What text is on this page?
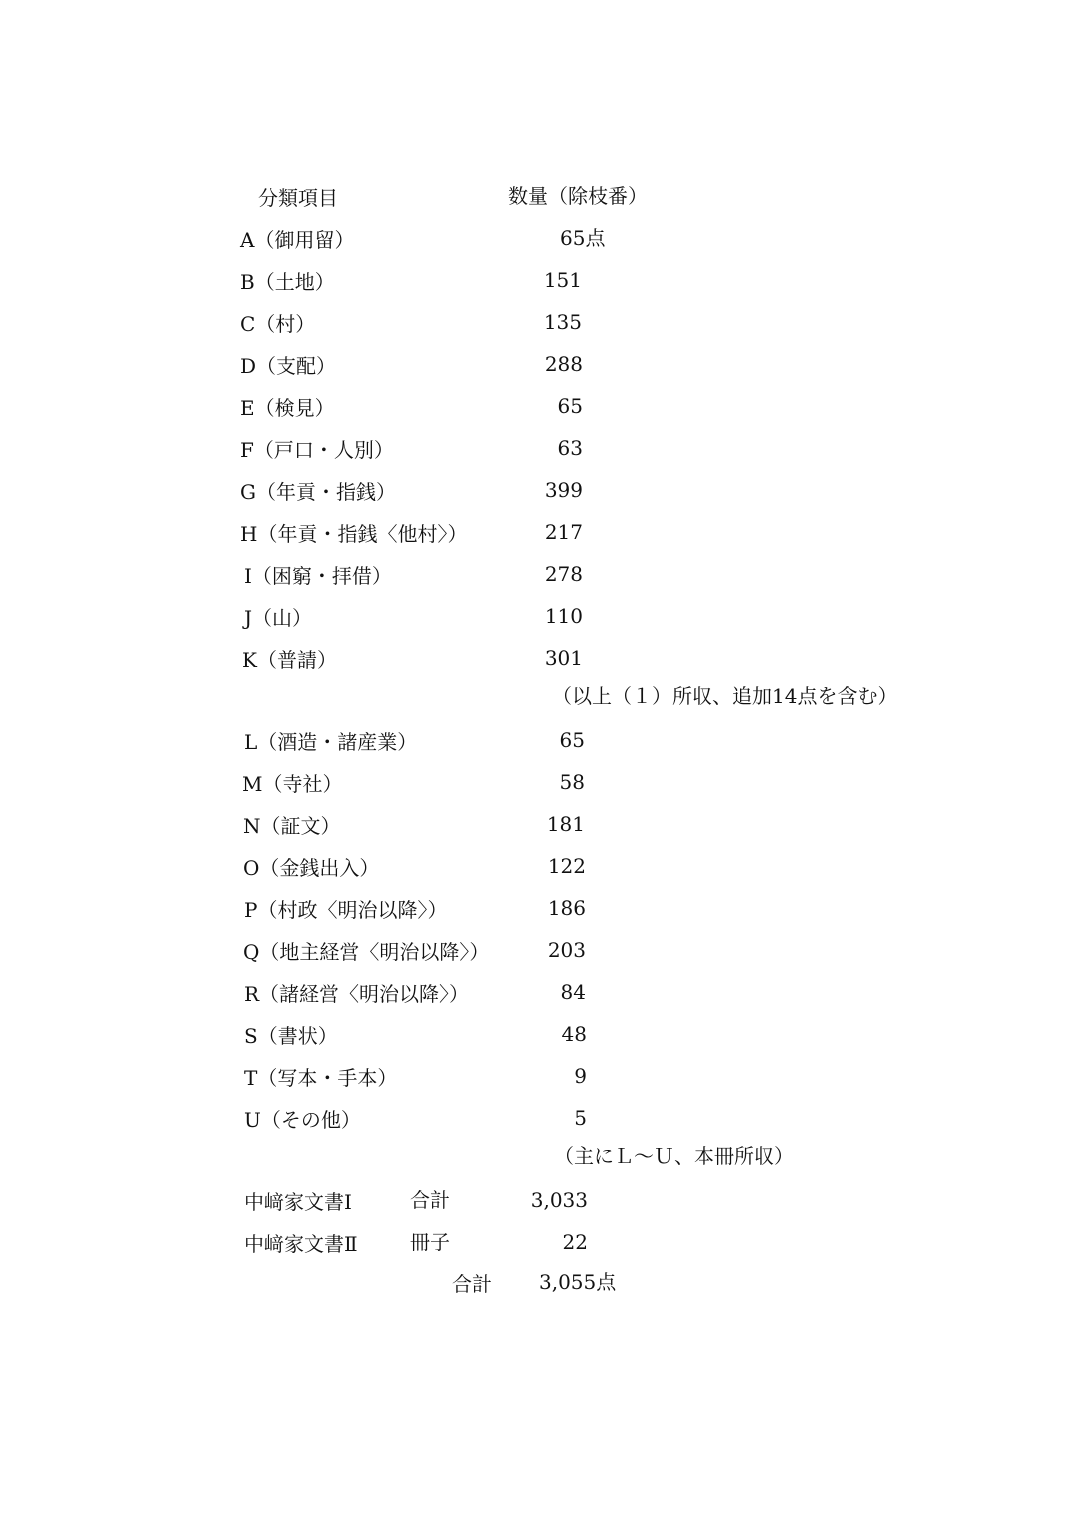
分類項目	数量（除枝番）
A（御用留）	65点
B（土地）	151
C（村）	135
D（支配）	288
E（検見）	65
F（戸口・人別）	63
G（年貢・指銭）	399
H（年貢・指銭〈他村〉）	217
I（困窮・拝借）	278
J（山）	110
K（普請）	301
（以上（１）所収、追加14点を含む）
L（酒造・諸産業）	65
M（寺社）	58
N（証文）	181
O（金銭出入）	122
P（村政〈明治以降〉）	186
Q（地主経営〈明治以降〉）	203
R（諸経営〈明治以降〉）	84
S（書状）	48
T（写本・手本）	9
U（その他）	5
（主にＬ～Ｕ、本冊所収）
中﨑家文書Ⅰ	合計	3,033
中﨑家文書Ⅱ	冊子	22
合計 3,055点
